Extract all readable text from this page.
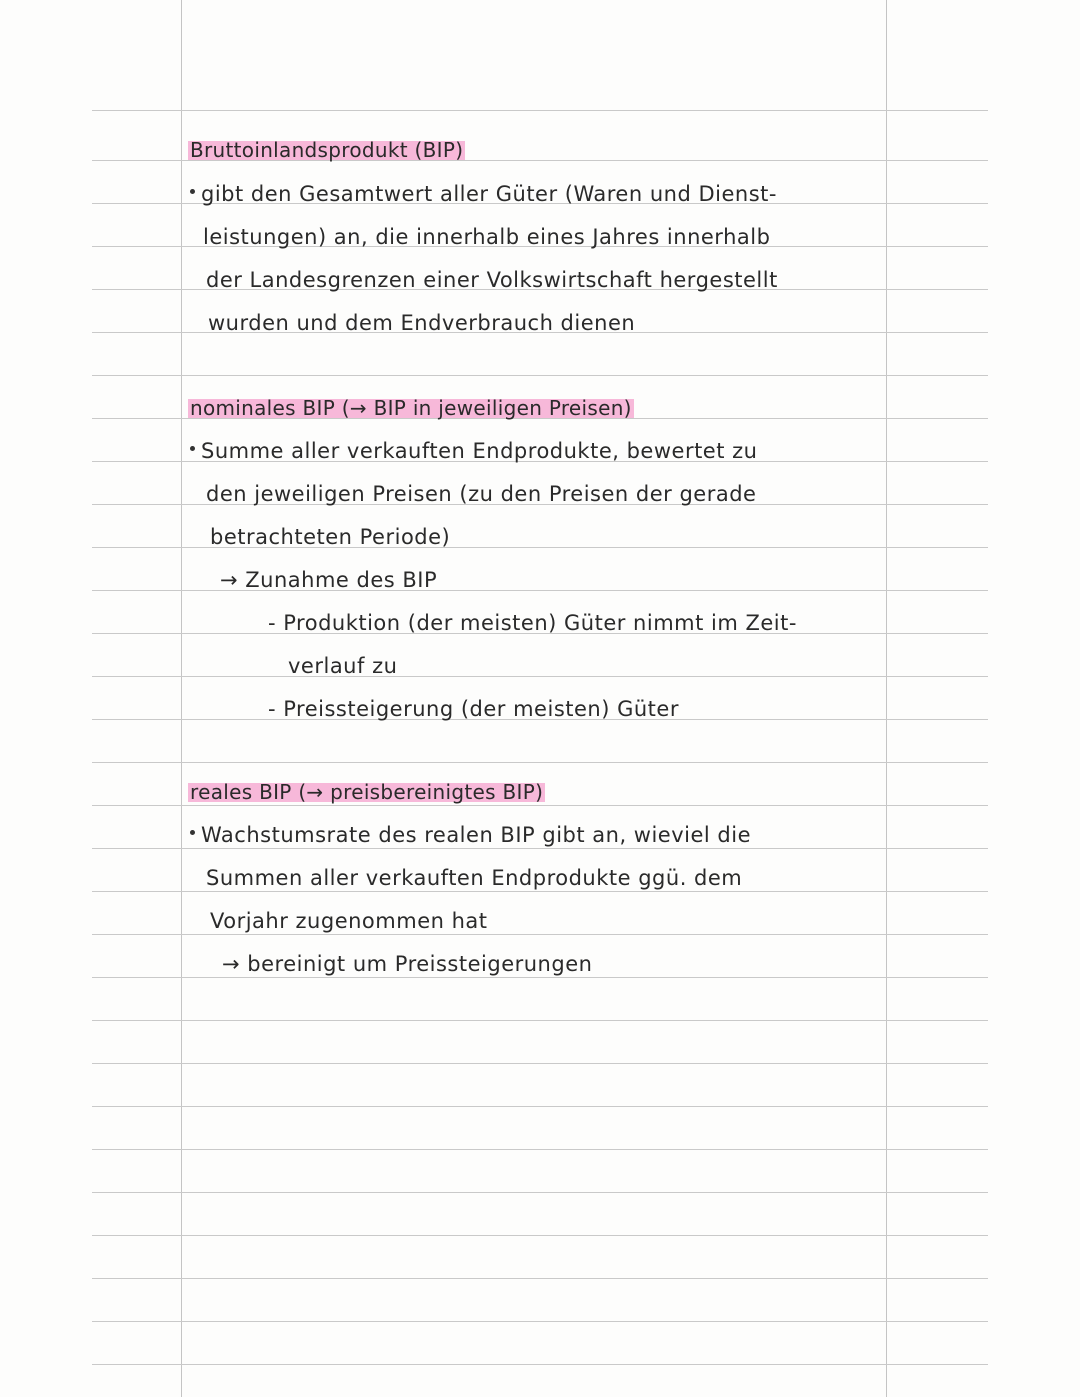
Bruttoinlandsprodukt (BIP)
gibt den Gesamtwert aller Güter (Waren und Dienst-
leistungen) an, die innerhalb eines Jahres innerhalb
der Landesgrenzen einer Volkswirtschaft hergestellt
wurden und dem Endverbrauch dienen
nominales BIP (→ BIP in jeweiligen Preisen)
Summe aller verkauften Endprodukte, bewertet zu
den jeweiligen Preisen (zu den Preisen der gerade
betrachteten Periode)
→ Zunahme des BIP
- Produktion (der meisten) Güter nimmt im Zeit-
verlauf zu
- Preissteigerung (der meisten) Güter
reales BIP (→ preisbereinigtes BIP)
Wachstumsrate des realen BIP gibt an, wieviel die
Summen aller verkauften Endprodukte ggü. dem
Vorjahr zugenommen hat
→ bereinigt um Preissteigerungen
